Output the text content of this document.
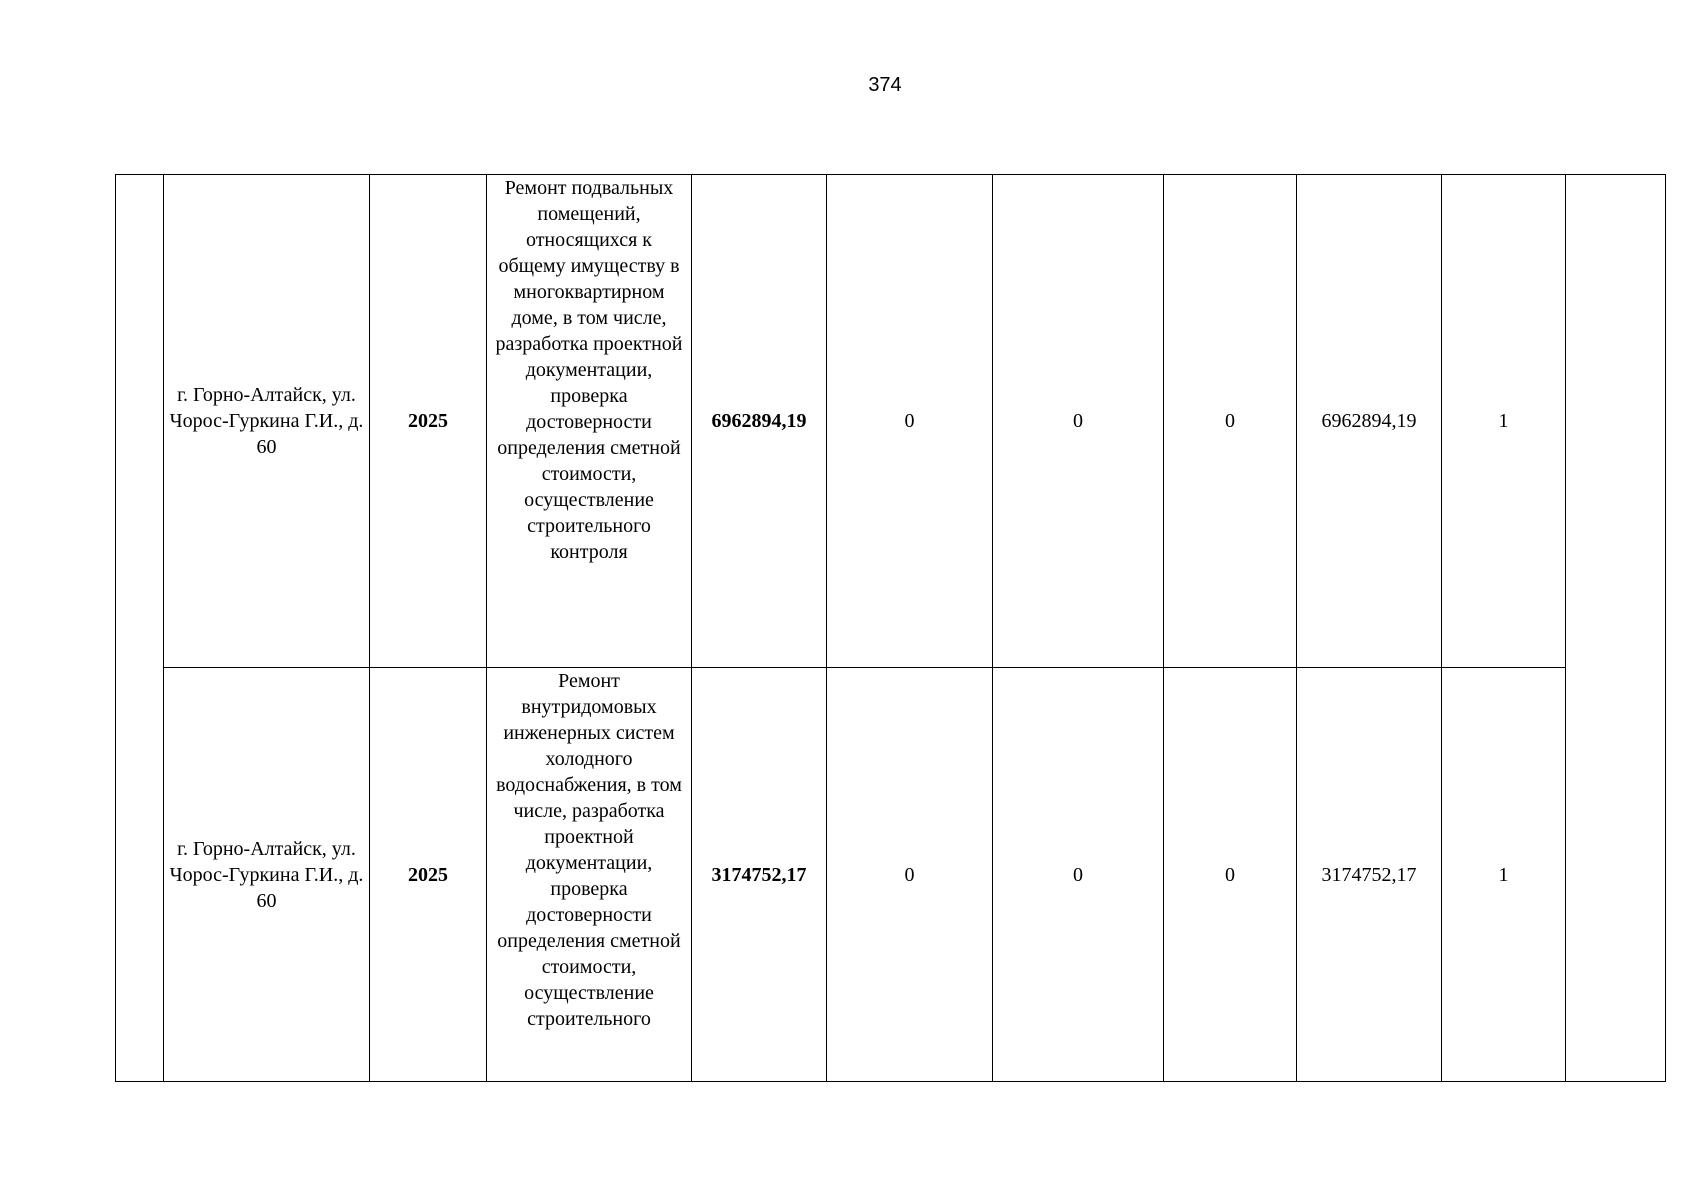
374
	г. Горно-Алтайск, ул. Чорос-Гуркина Г.И., д. 60	2025	Ремонт подвальных помещений, относящихся к общему имуществу в многоквартирном доме, в том числе, разработка проектной документации, проверка достоверности определения сметной стоимости, осуществление строительного контроля	6962894,19	0	0	0	6962894,19	1	
	г. Горно-Алтайск, ул. Чорос-Гуркина Г.И., д. 60	2025	Ремонт внутридомовых инженерных систем холодного водоснабжения, в том числе, разработка проектной документации, проверка достоверности определения сметной стоимости, осуществление строительного	3174752,17	0	0	0	3174752,17	1	
